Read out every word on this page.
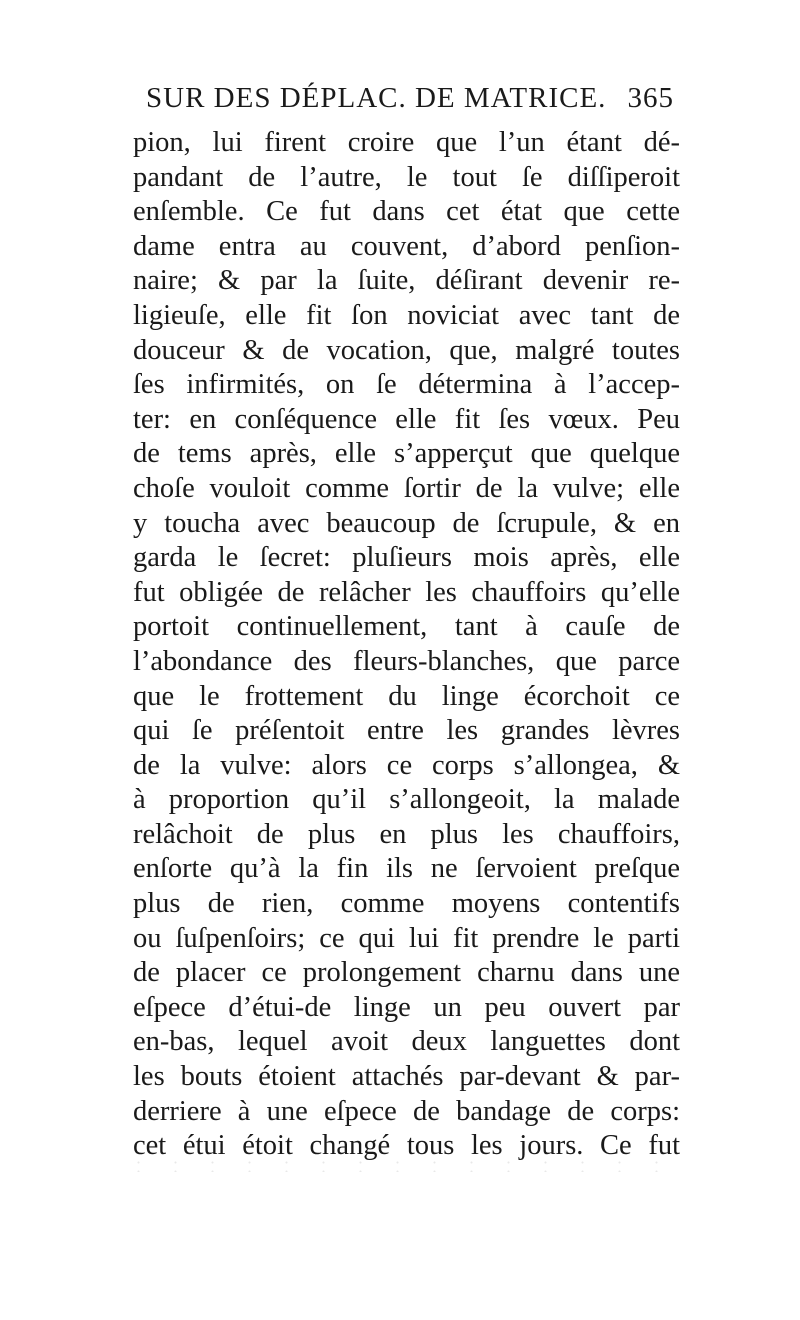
SUR DES DÉPLAC. DE MATRICE. 365
pion, lui firent croire que l’un étant dé-
pandant de l’autre, le tout ſe diſſiperoit
enſemble. Ce fut dans cet état que cette
dame entra au couvent, d’abord penſion-
naire; & par la ſuite, déſirant devenir re-
ligieuſe, elle fit ſon noviciat avec tant de
douceur & de vocation, que, malgré toutes
ſes infirmités, on ſe détermina à l’accep-
ter: en conſéquence elle fit ſes vœux. Peu
de tems après, elle s’apperçut que quelque
choſe vouloit comme ſortir de la vulve; elle
y toucha avec beaucoup de ſcrupule, & en
garda le ſecret: pluſieurs mois après, elle
fut obligée de relâcher les chauffoirs qu’elle
portoit continuellement, tant à cauſe de
l’abondance des fleurs-blanches, que parce
que le frottement du linge écorchoit ce
qui ſe préſentoit entre les grandes lèvres
de la vulve: alors ce corps s’allongea, &
à proportion qu’il s’allongeoit, la malade
relâchoit de plus en plus les chauffoirs,
enſorte qu’à la fin ils ne ſervoient preſque
plus de rien, comme moyens contentifs
ou ſuſpenſoirs; ce qui lui fit prendre le parti
de placer ce prolongement charnu dans une
eſpece d’étui-de linge un peu ouvert par
en-bas, lequel avoit deux languettes dont
les bouts étoient attachés par-devant & par-
derriere à une eſpece de bandage de corps:
cet étui étoit changé tous les jours. Ce fut
